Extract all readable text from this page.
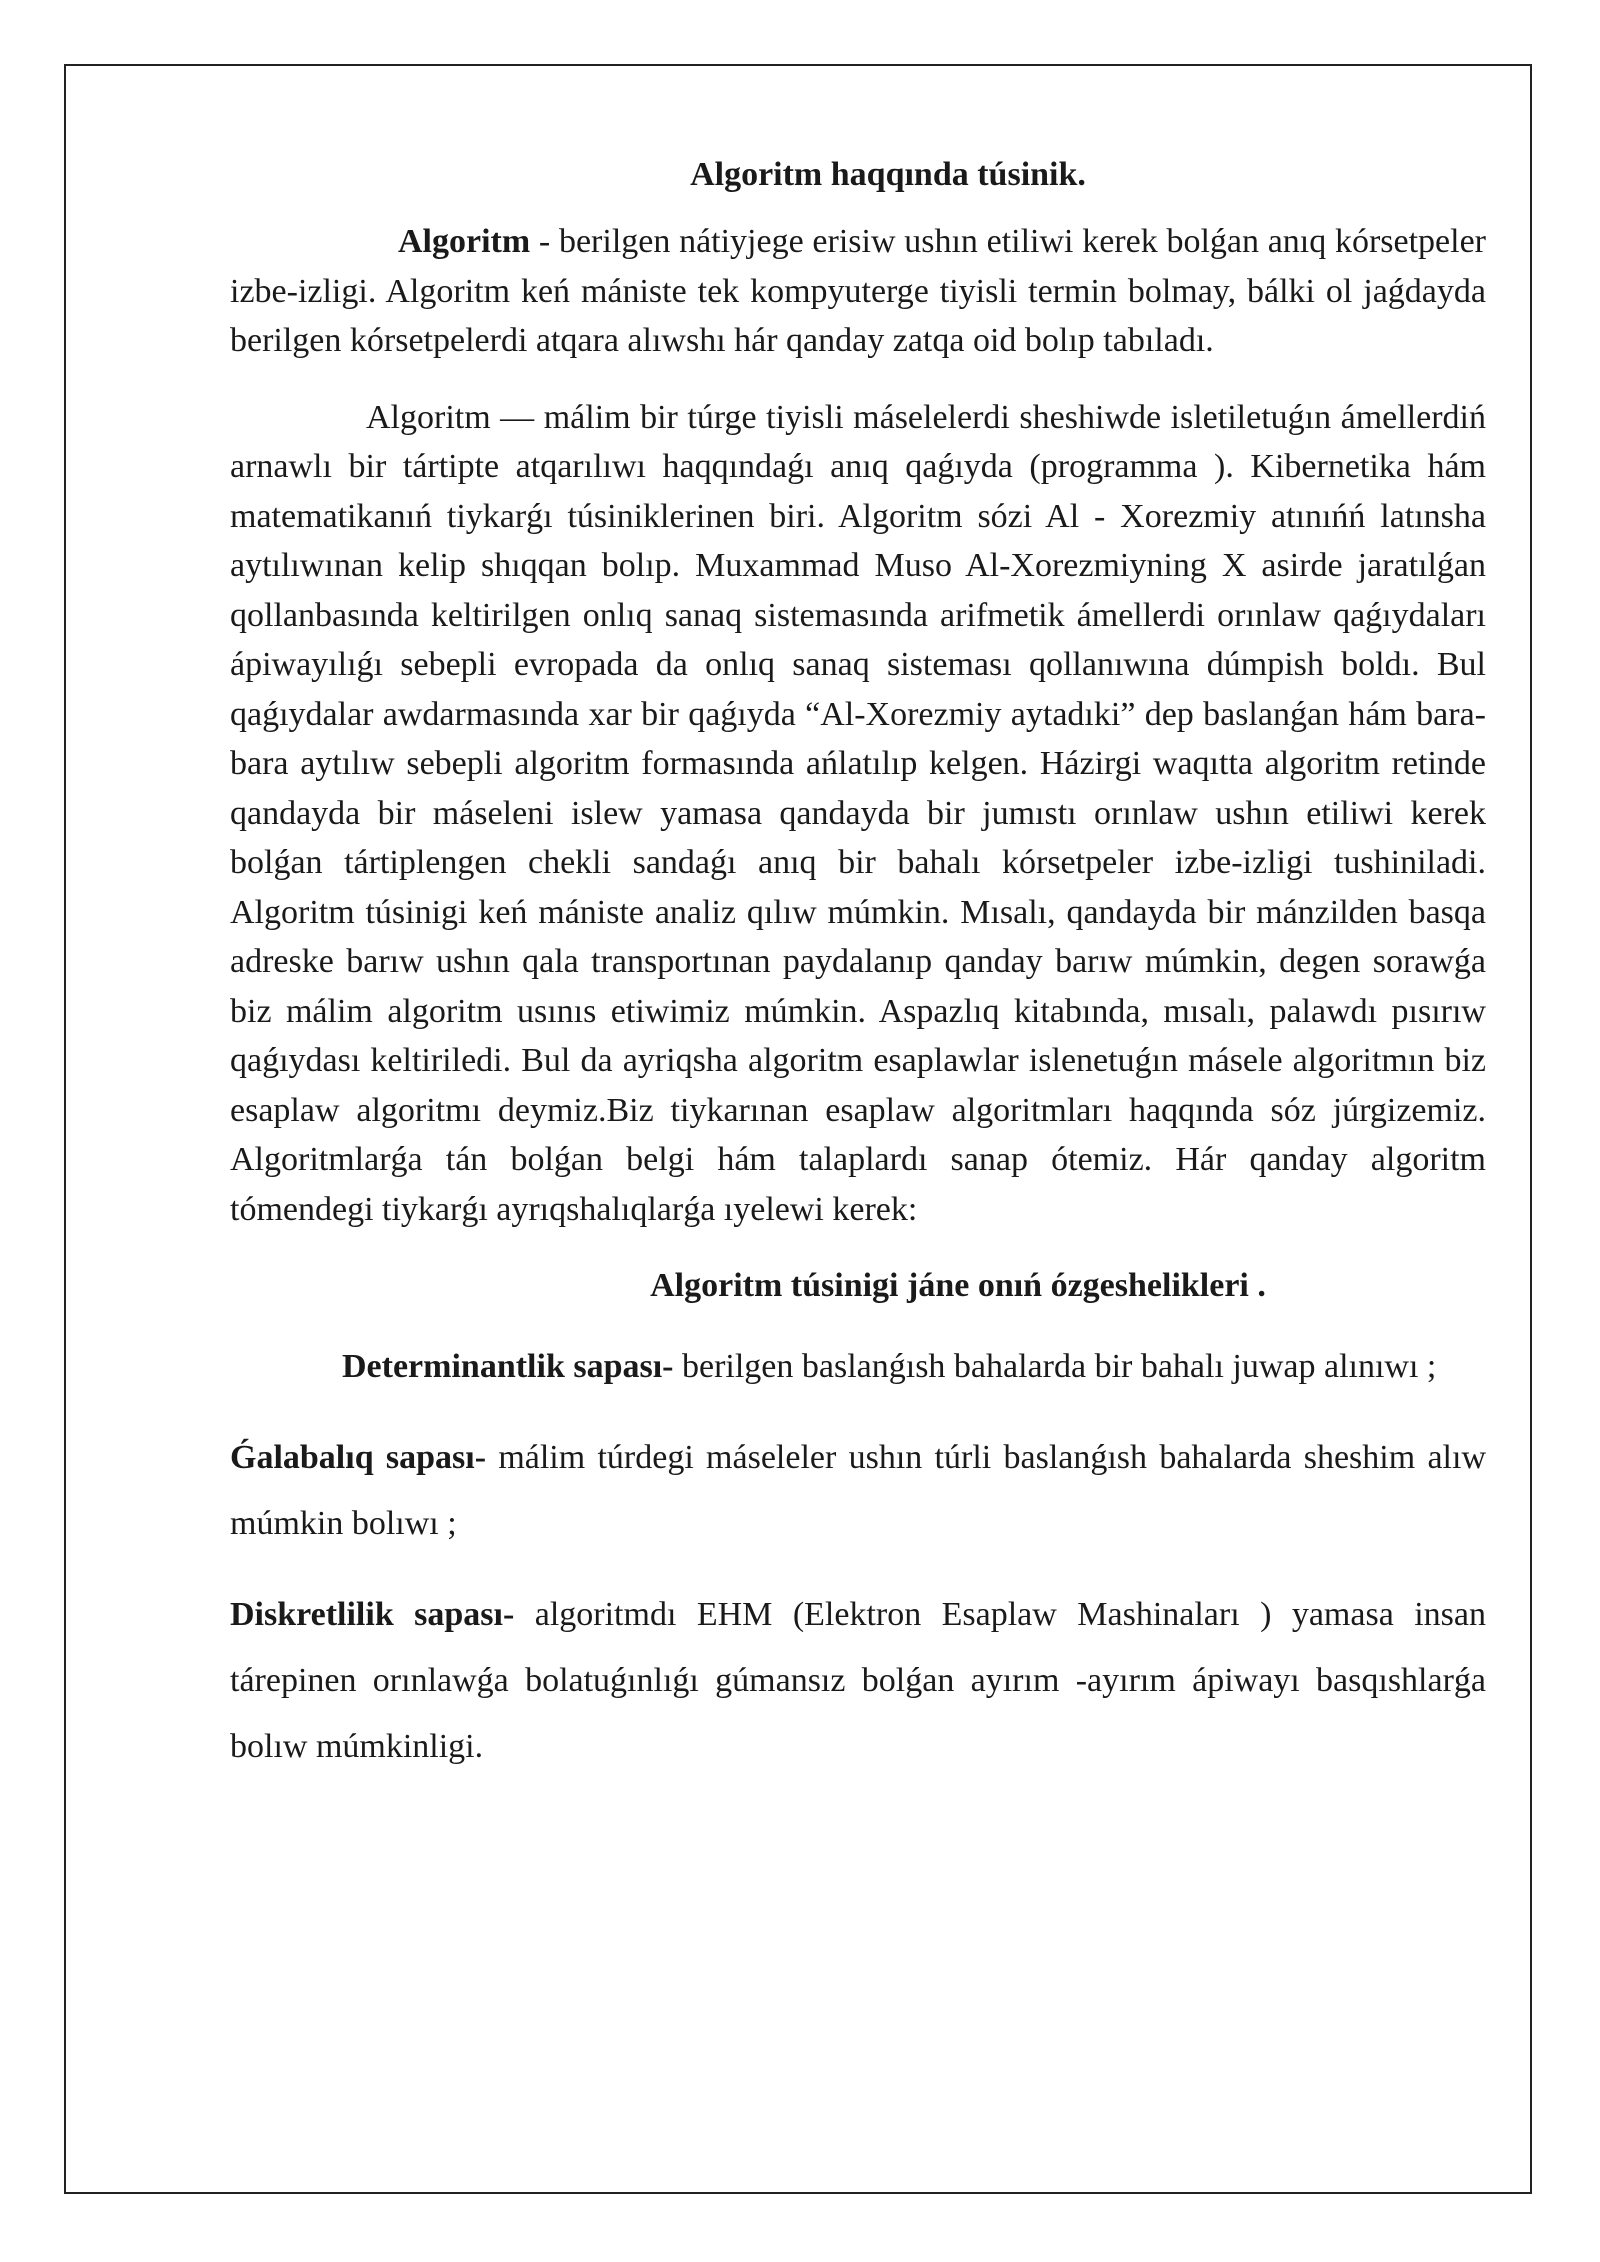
Algoritm haqqında túsinik.

Algoritm - berilgen nátiyjege erisiw ushın etiliwi kerek bolǵan anıq kórsetpeler izbe-izligi. Algoritm keń mániste tek kompyuterge tiyisli termin bolmay, bálki ol jaǵdayda berilgen kórsetpelerdi atqara alıwshı hár qanday zatqa oid bolıp tabıladı.

Algoritm — málim bir túrge tiyisli máselelerdi sheshiwde isletiletuǵın ámellerdiń arnawlı bir tártipte atqarılıwı haqqındaǵı anıq qaǵıyda (programma ). Kibernetika hám matematikanıń tiykarǵı túsiniklerinen biri. Algoritm sózi Al - Xorezmiy atınıńń latınsha aytılıwınan kelip shıqqan bolıp. Muxammad Muso Al-Xorezmiyning X asirde jaratılǵan qollanbasında keltirilgen onlıq sanaq sistemasında arifmetik ámellerdi orınlaw qaǵıydaları ápiwayılıǵı sebepli evropada da onlıq sanaq sisteması qollanıwına dúmpish boldı. Bul qaǵıydalar awdarmasında xar bir qaǵıyda “Al-Xorezmiy aytadıki” dep baslanǵan hám bara-bara aytılıw sebepli algoritm formasında ańlatılıp kelgen. Házirgi waqıtta algoritm retinde qandayda bir máseleni islew yamasa qandayda bir jumıstı orınlaw ushın etiliwi kerek bolǵan tártiplengen chekli sandaǵı anıq bir bahalı kórsetpeler izbe-izligi tushiniladi. Algoritm túsinigi keń mániste analiz qılıw múmkin. Mısalı, qandayda bir mánzilden basqa adreske barıw ushın qala transportınan paydalanıp qanday barıw múmkin, degen sorawǵa biz málim algoritm usınıs etiwimiz múmkin. Aspazlıq kitabında, mısalı, palawdı pısırıw qaǵıydası keltiriledi. Bul da ayriqsha algoritm esaplawlar islenetuǵın másele algoritmın biz esaplaw algoritmı deymiz.Biz tiykarınan esaplaw algoritmları haqqında sóz júrgizemiz. Algoritmlarǵa tán bolǵan belgi hám talaplardı sanap ótemiz. Hár qanday algoritm tómendegi tiykarǵı ayrıqshalıqlarǵa ıyelewi kerek:

Algoritm túsinigi jáne onıń ózgeshelikleri .

Determinantlik sapası- berilgen baslanǵısh bahalarda bir bahalı juwap alınıwı ;

Ǵalabalıq sapası- málim túrdegi máseleler ushın túrli baslanǵısh bahalarda sheshim alıw múmkin bolıwı ;

Diskretlilik sapası- algoritmdı EHM (Elektron Esaplaw Mashinaları ) yamasa insan tárepinen orınlawǵa bolatuǵınlıǵı gúmansız bolǵan ayırım -ayırım ápiwayı basqıshlarǵa bolıw múmkinligi.
